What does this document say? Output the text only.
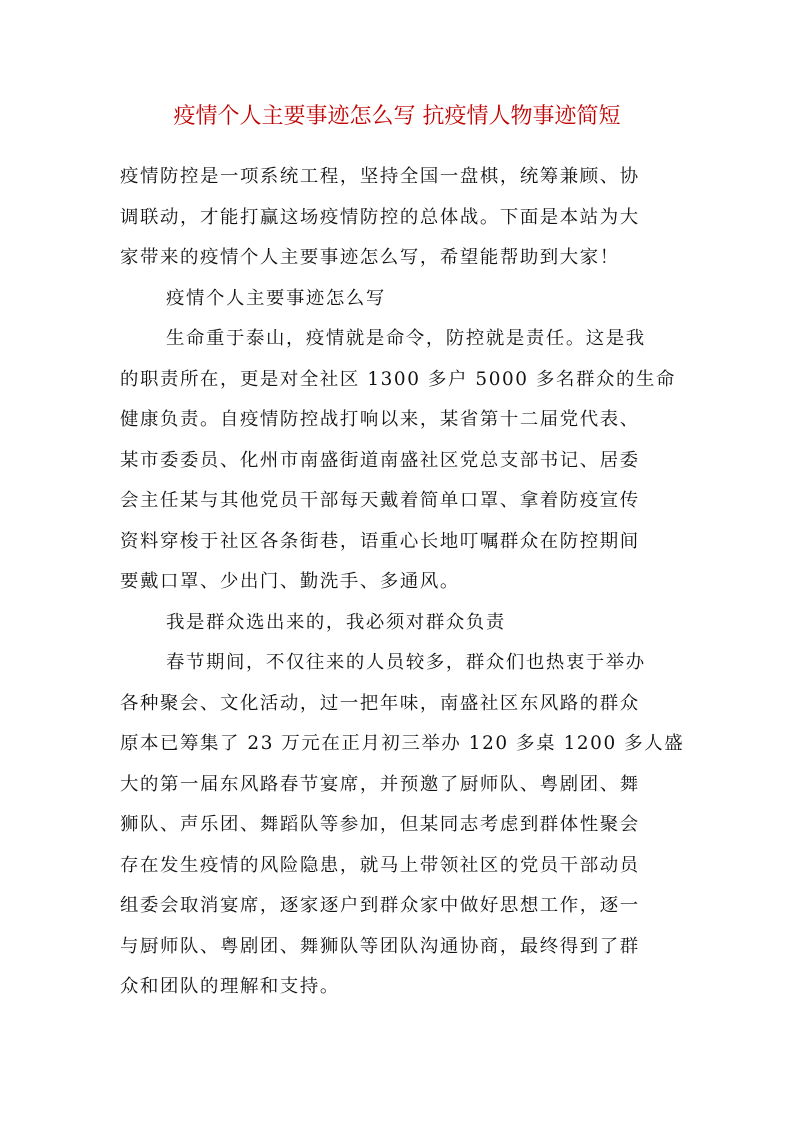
疫情个人主要事迹怎么写 抗疫情人物事迹简短
疫情防控是一项系统工程，坚持全国一盘棋，统筹兼顾、协
调联动，才能打赢这场疫情防控的总体战。下面是本站为大
家带来的疫情个人主要事迹怎么写，希望能帮助到大家！
疫情个人主要事迹怎么写
生命重于泰山，疫情就是命令，防控就是责任。这是我
的职责所在，更是对全社区 1300 多户 5000 多名群众的生命
健康负责。自疫情防控战打响以来，某省第十二届党代表、
某市委委员、化州市南盛街道南盛社区党总支部书记、居委
会主任某与其他党员干部每天戴着简单口罩、拿着防疫宣传
资料穿梭于社区各条街巷，语重心长地叮嘱群众在防控期间
要戴口罩、少出门、勤洗手、多通风。
我是群众选出来的，我必须对群众负责
春节期间，不仅往来的人员较多，群众们也热衷于举办
各种聚会、文化活动，过一把年味，南盛社区东风路的群众
原本已筹集了 23 万元在正月初三举办 120 多桌 1200 多人盛
大的第一届东风路春节宴席，并预邀了厨师队、粤剧团、舞
狮队、声乐团、舞蹈队等参加，但某同志考虑到群体性聚会
存在发生疫情的风险隐患，就马上带领社区的党员干部动员
组委会取消宴席，逐家逐户到群众家中做好思想工作，逐一
与厨师队、粤剧团、舞狮队等团队沟通协商，最终得到了群
众和团队的理解和支持。
